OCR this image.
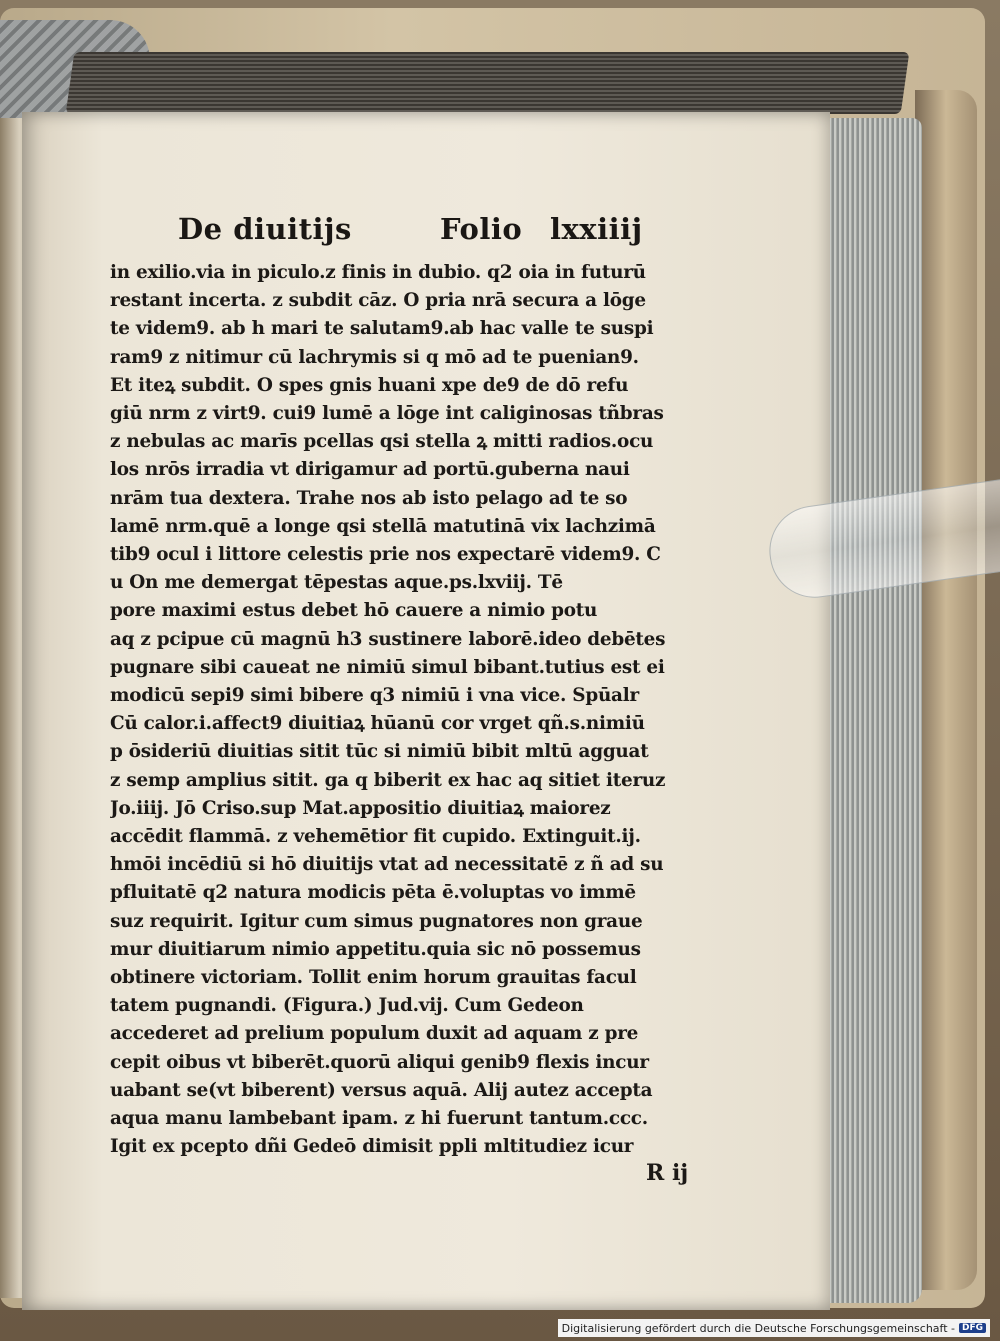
De diuitijs	Folio lxxiiij
in exilio.via in piculo.z finis in dubio. q2 oia in futurū
restant incerta. z subdit cāz. O pria nrā secura a lōge
te videm9. ab h mari te salutam9.ab hac valle te suspi
ram9 z nitimur cū lachrymis si q mō ad te puenian9.
Et iteꝝ subdit. O spes gnis huani xpe de9 de dō refu
giū nrm z virt9. cui9 lumē a lōge int caliginosas tñbras
z nebulas ac marīs pcellas qsi stella ꝝ mitti radios.ocu
los nrōs irradia vt dirigamur ad portū.guberna naui
nrām tua dextera. Trahe nos ab isto pelago ad te so
lamē nrm.quē a longe qsi stellā matutinā vix lachzimā
tib9 ocul i littore celestis prie nos expectarē videm9. C
u On me demergat tēpestas aque.ps.lxviij. Tē
pore maximi estus debet hō cauere a nimio potu
aq z pcipue cū magnū h3 sustinere laborē.ideo debētes
pugnare sibi caueat ne nimiū simul bibant.tutius est ei
modicū sepi9 simi bibere q3 nimiū i vna vice. Spūalr
Cū calor.i.affect9 diuitiaꝝ hūanū cor vrget qñ.s.nimiū
p ōsideriū diuitias sitit tūc si nimiū bibit mltū agguat
z semp amplius sitit. ga q biberit ex hac aq sitiet iteruz
Jo.iiij. Jō Criso.sup Mat.appositio diuitiaꝝ maiorez
accēdit flammā. z vehemētior fit cupido. Extinguit.ij.
hmōi incēdiū si hō diuitijs vtat ad necessitatē z ñ ad su
pfluitatē q2 natura modicis pēta ē.voluptas vo immē
suz requirit. Igitur cum simus pugnatores non graue
mur diuitiarum nimio appetitu.quia sic nō possemus
obtinere victoriam. Tollit enim horum grauitas facul
tatem pugnandi. (Figura.) Jud.vij. Cum Gedeon
accederet ad prelium populum duxit ad aquam z pre
cepit oibus vt biberēt.quorū aliqui genib9 flexis incur
uabant se(vt biberent) versus aquā. Alij autez accepta
aqua manu lambebant ipam. z hi fuerunt tantum.ccc.
Igit ex pcepto dñi Gedeō dimisit ppli mltitudiez icur
R ij
Digitalisierung gefördert durch die Deutsche Forschungsgemeinschaft - DFG
